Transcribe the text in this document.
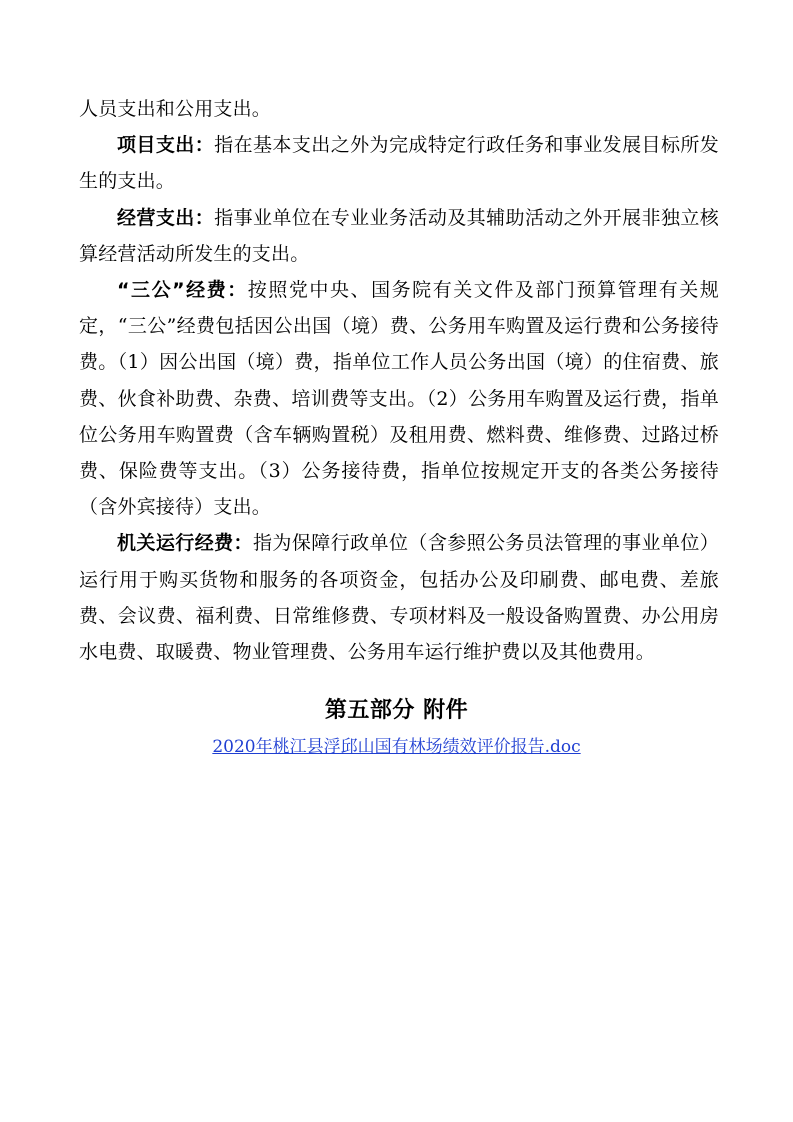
人员支出和公用支出。

项目支出：指在基本支出之外为完成特定行政任务和事业发展目标所发生的支出。

经营支出：指事业单位在专业业务活动及其辅助活动之外开展非独立核算经营活动所发生的支出。

“三公”经费：按照党中央、国务院有关文件及部门预算管理有关规定，“三公”经费包括因公出国（境）费、公务用车购置及运行费和公务接待费。（1）因公出国（境）费，指单位工作人员公务出国（境）的住宿费、旅费、伙食补助费、杂费、培训费等支出。（2）公务用车购置及运行费，指单位公务用车购置费（含车辆购置税）及租用费、燃料费、维修费、过路过桥费、保险费等支出。（3）公务接待费，指单位按规定开支的各类公务接待（含外宾接待）支出。

机关运行经费：指为保障行政单位（含参照公务员法管理的事业单位）运行用于购买货物和服务的各项资金，包括办公及印刷费、邮电费、差旅费、会议费、福利费、日常维修费、专项材料及一般设备购置费、办公用房水电费、取暖费、物业管理费、公务用车运行维护费以及其他费用。

第五部分 附件
2020年桃江县浮邱山国有林场绩效评价报告.doc
